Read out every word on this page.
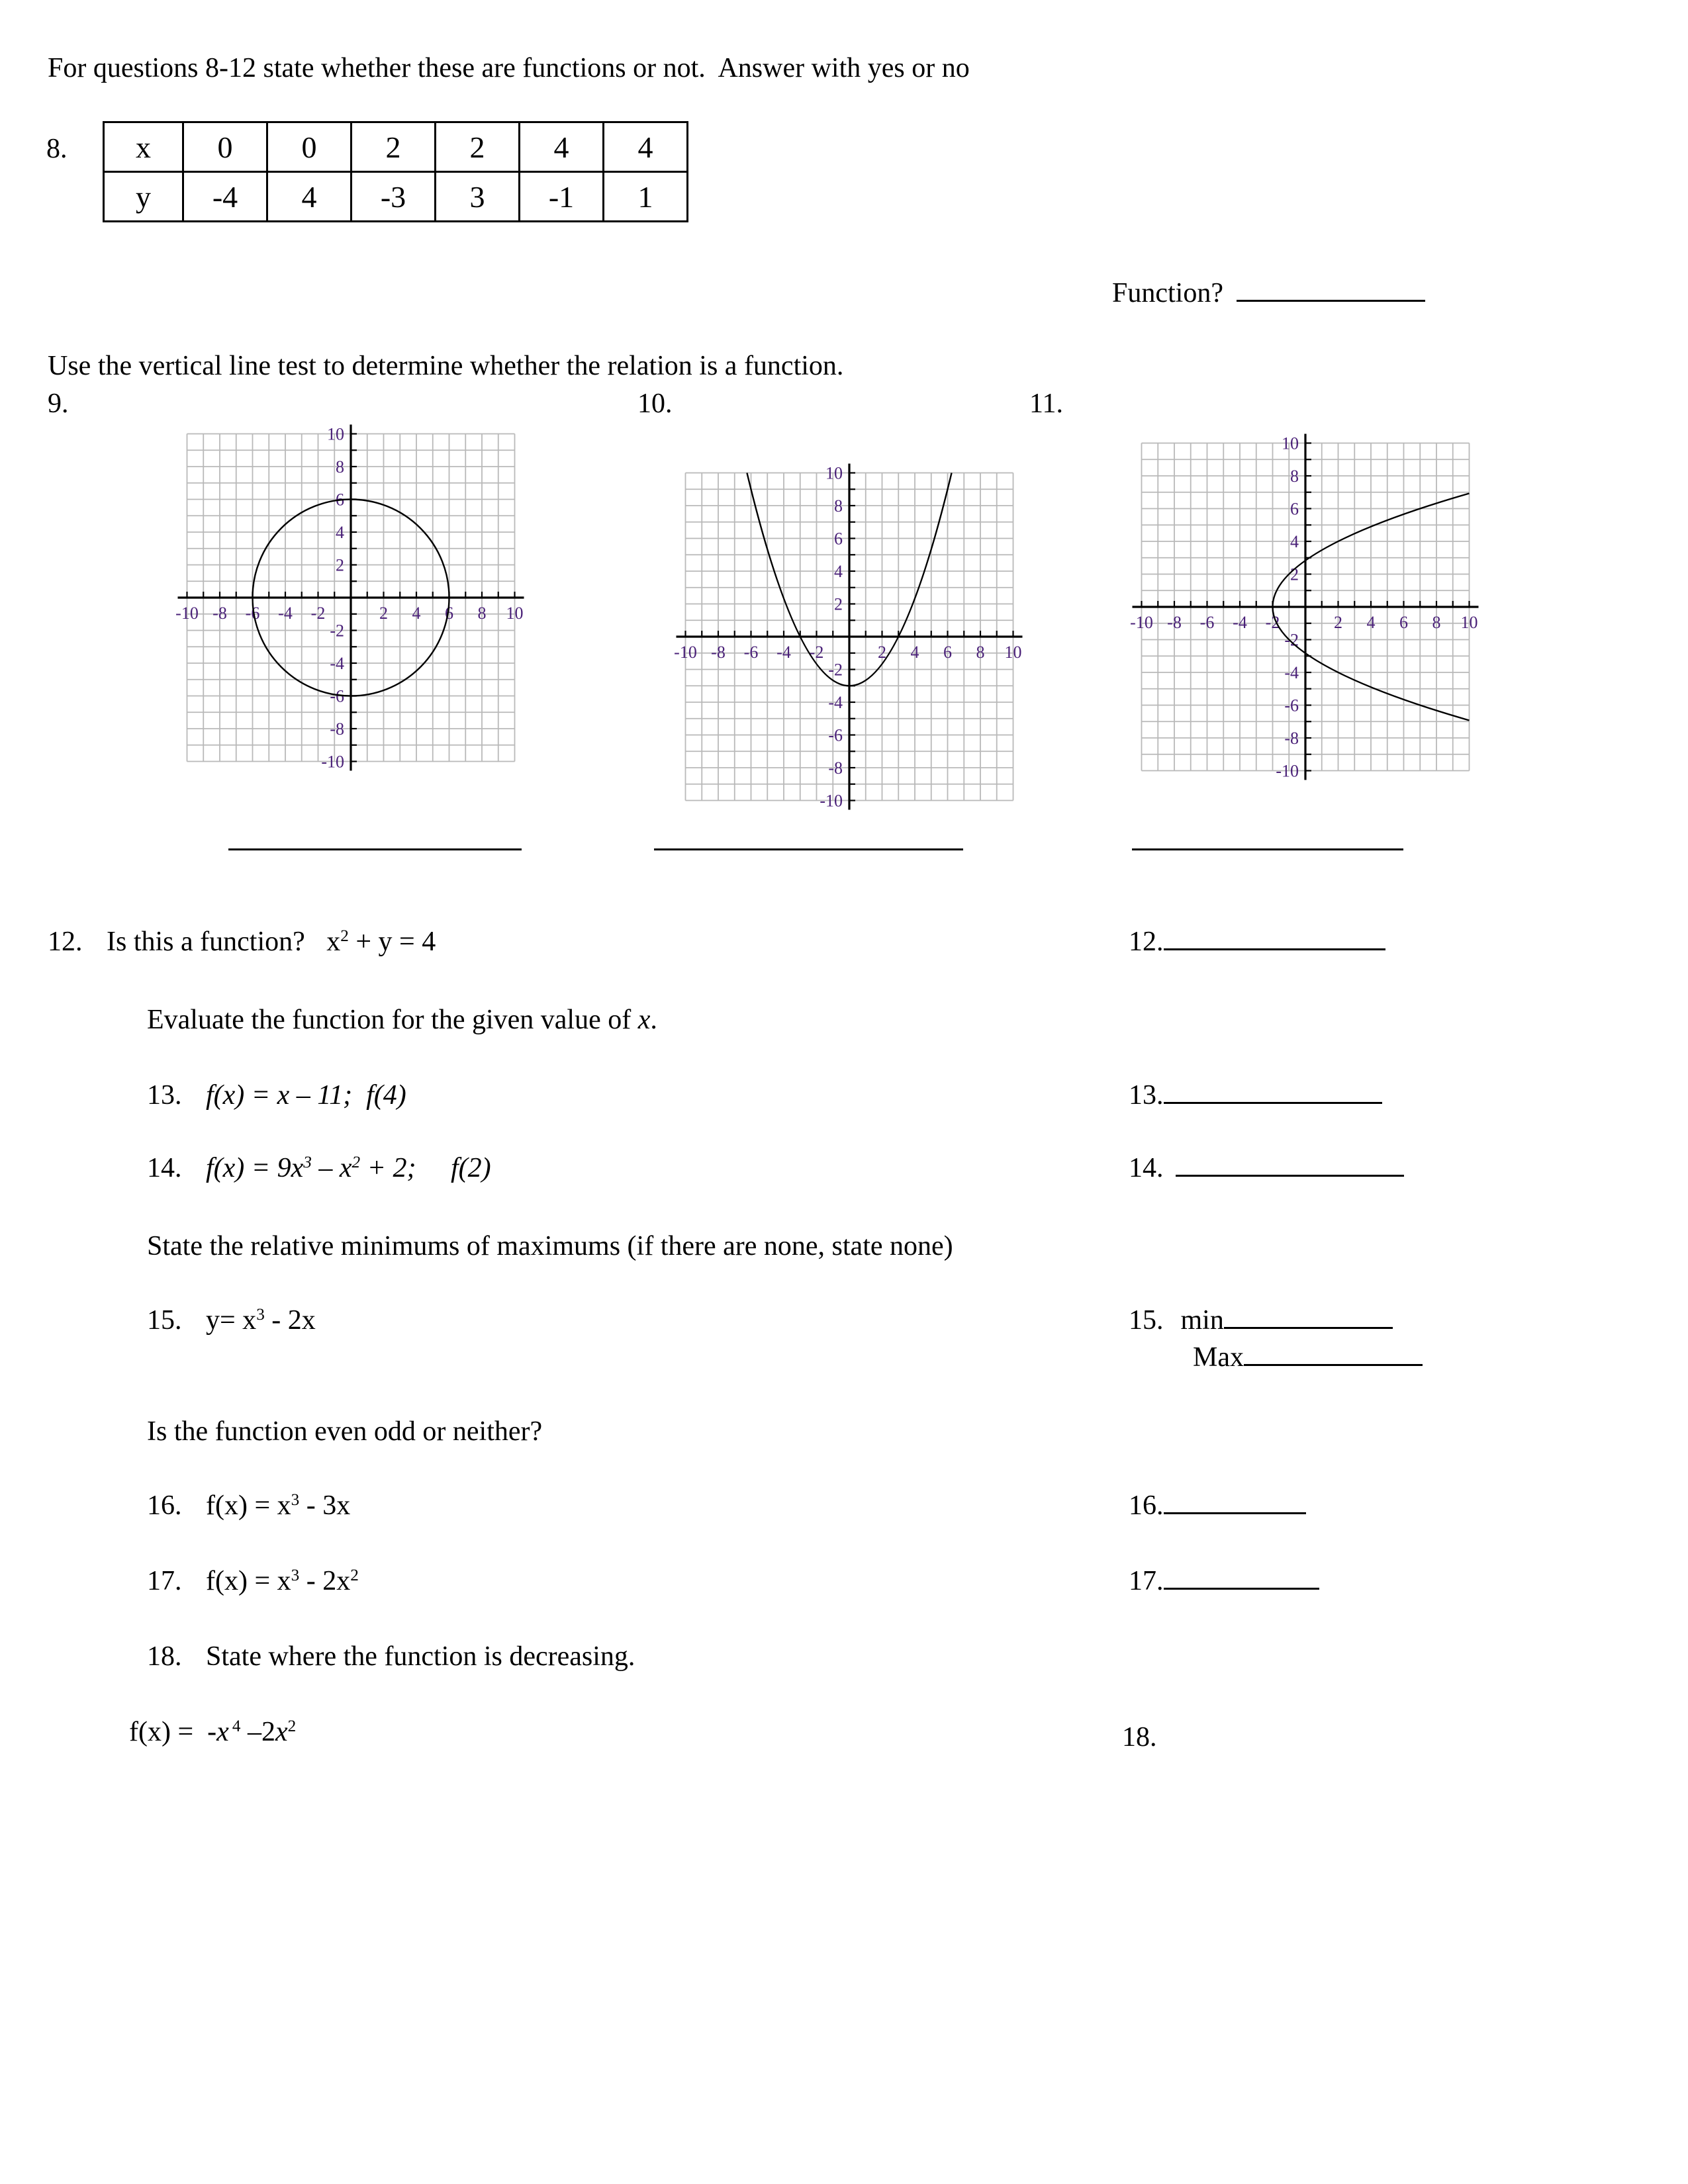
For questions 8-12 state whether these are functions or not.  Answer with yes or no
8. x	0	0	2	2	4	4
y	-4	4	-3	3	-1	1
Function?
Use the vertical line test to determine whether the relation is a function.
9.	10.	11.
-10
-10
-8
-8
-6
-6
-4
-4
-2
-2
2
2
4
4
6
6
8
8
10
10
-10
-10
-8
-8
-6
-6
-4
-4
-2
-2
2
2
4
4
6
6
8
8
10
10
-10
-10
-8
-8
-6
-6
-4
-4
-2
-2
2
2
4
4
6
6
8
8
10
10
12. Is this a function? $x^2 + y = 4$	12.
Evaluate the function for the given value of x.
13. f(x) = x – 11;  f(4)	13.
14. $f(x) = 9x^3 - x^2 + 2$;  f(2)	14.
State the relative minimums of maximums (if there are none, state none)
15. $y= x^3 - 2x$	15. min
Max
Is the function even odd or neither?
16. $f(x) = x^3 - 3x$	16.
17. $f(x) = x^3 - 2x^2$	17.
18. State where the function is decreasing.
f(x) =  -x $^4$ $-2x^2$	18.
